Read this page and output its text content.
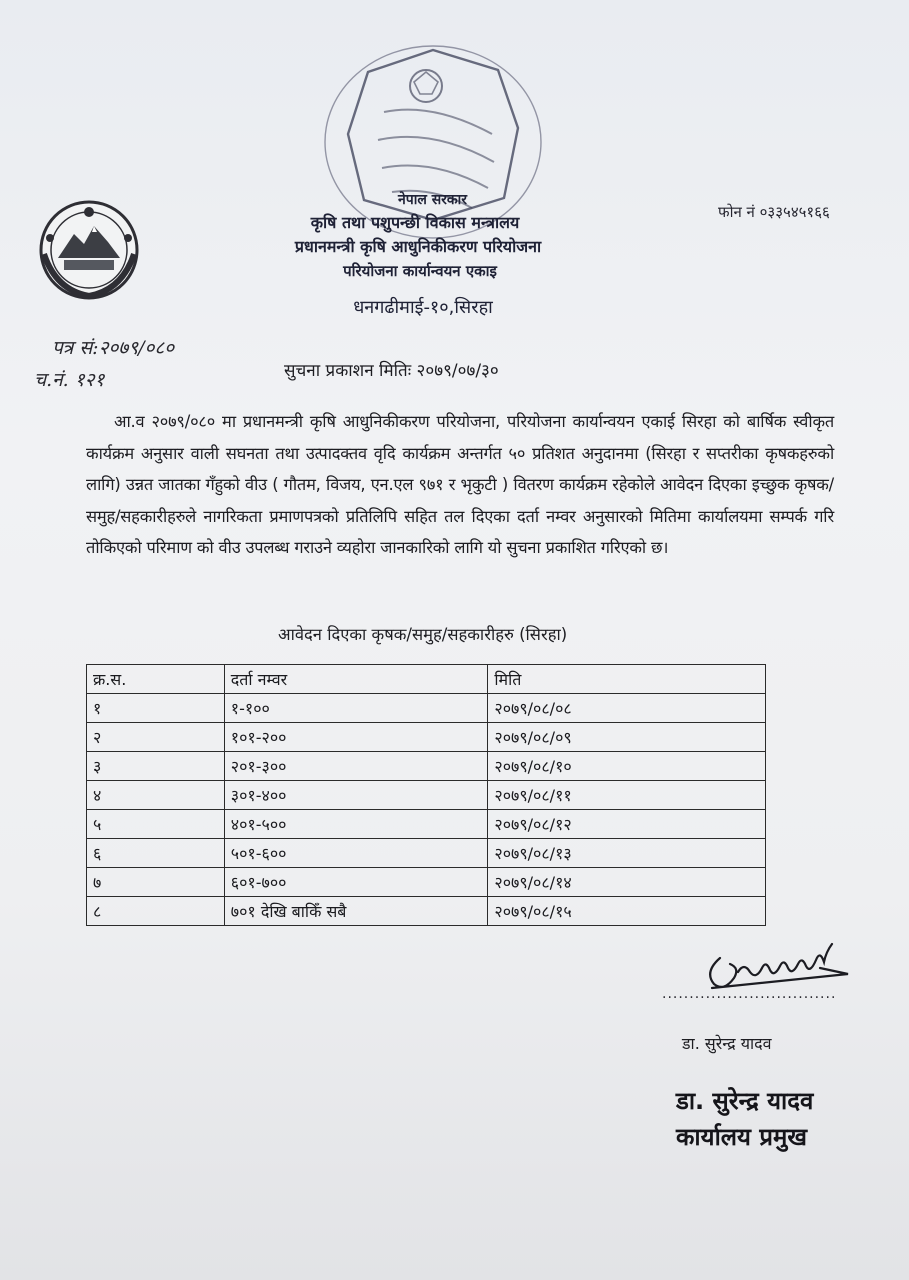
नेपाल सरकार
कृषि तथा पशुपन्छी विकास मन्त्रालय
प्रधानमन्त्री कृषि आधुनिकीकरण परियोजना
परियोजना कार्यान्वयन एकाइ
धनगढीमाई-१०,सिरहा
फोन नं ०३३५४५१६६
पत्र सं:२०७९/०८०
च.नं. १२१	सुचना प्रकाशन मितिः २०७९/०७/३०
आ.व २०७९/०८० मा प्रधानमन्त्री कृषि आधुनिकीकरण परियोजना, परियोजना कार्यान्वयन एकाई सिरहा को बार्षिक स्वीकृत कार्यक्रम अनुसार वाली सघनता तथा उत्पादक्तव वृदि कार्यक्रम अन्तर्गत ५० प्रतिशत अनुदानमा (सिरहा र सप्तरीका कृषकहरुको लागि) उन्नत जातका गँहुको वीउ ( गौतम, विजय, एन.एल ९७१ र भृकुटी ) वितरण कार्यक्रम रहेकोले आवेदन दिएका इच्छुक कृषक/समुह/सहकारीहरुले नागरिकता प्रमाणपत्रको प्रतिलिपि सहित तल दिएका दर्ता नम्वर अनुसारको मितिमा कार्यालयमा सम्पर्क गरि तोकिएको परिमाण को वीउ उपलब्ध गराउने व्यहोरा जानकारिको लागि यो सुचना प्रकाशित गरिएको छ।
आवेदन दिएका कृषक/समुह/सहकारीहरु (सिरहा)
क्र.स.	दर्ता नम्वर	मिति
१	१-१००	२०७९/०८/०८
२	१०१-२००	२०७९/०८/०९
३	२०१-३००	२०७९/०८/१०
४	३०१-४००	२०७९/०८/११
५	४०१-५००	२०७९/०८/१२
६	५०१-६००	२०७९/०८/१३
७	६०१-७००	२०७९/०८/१४
८	७०१ देखि बाकिँ सबै	२०७९/०८/१५
................................
डा. सुरेन्द्र यादव
डा. सुरेन्द्र यादव
कार्यालय प्रमुख
